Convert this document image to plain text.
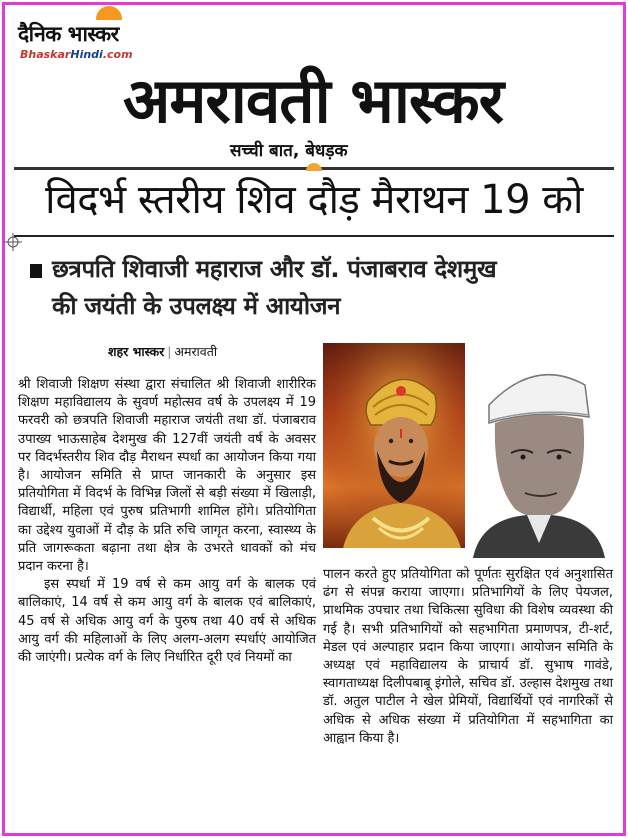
दैनिक भास्कर
BhaskarHindi.com
अमरावती भास्कर
सच्ची बात, बेधड़क
विदर्भ स्तरीय शिव दौड़ मैराथन 19 को
छत्रपति शिवाजी महाराज और डॉ. पंजाबराव देशमुख
की जयंती के उपलक्ष्य में आयोजन
शहर भास्कर | अमरावती

श्री शिवाजी शिक्षण संस्था द्वारा संचालित श्री शिवाजी शारीरिक शिक्षण महाविद्यालय के सुवर्ण महोत्सव वर्ष के उपलक्ष्य में 19 फरवरी को छत्रपति शिवाजी महाराज जयंती तथा डॉ. पंजाबराव उपाख्य भाऊसाहेब देशमुख की 127वीं जयंती वर्ष के अवसर पर विदर्भस्तरीय शिव दौड़ मैराथन स्पर्धा का आयोजन किया गया है। आयोजन समिति से प्राप्त जानकारी के अनुसार इस प्रतियोगिता में विदर्भ के विभिन्न जिलों से बड़ी संख्या में खिलाड़ी, विद्यार्थी, महिला एवं पुरुष प्रतिभागी शामिल होंगे। प्रतियोगिता का उद्देश्य युवाओं में दौड़ के प्रति रुचि जागृत करना, स्वास्थ्य के प्रति जागरूकता बढ़ाना तथा क्षेत्र के उभरते धावकों को मंच प्रदान करना है।

इस स्पर्धा में 19 वर्ष से कम आयु वर्ग के बालक एवं बालिकाएं, 14 वर्ष से कम आयु वर्ग के बालक एवं बालिकाएं, 45 वर्ष से अधिक आयु वर्ग के पुरुष तथा 40 वर्ष से अधिक आयु वर्ग की महिलाओं के लिए अलग-अलग स्पर्धाएं आयोजित की जाएंगी। प्रत्येक वर्ग के लिए निर्धारित दूरी एवं नियमों का

पालन करते हुए प्रतियोगिता को पूर्णतः सुरक्षित एवं अनुशासित ढंग से संपन्न कराया जाएगा। प्रतिभागियों के लिए पेयजल, प्राथमिक उपचार तथा चिकित्सा सुविधा की विशेष व्यवस्था की गई है। सभी प्रतिभागियों को सहभागिता प्रमाणपत्र, टी-शर्ट, मेडल एवं अल्पाहार प्रदान किया जाएगा। आयोजन समिति के अध्यक्ष एवं महाविद्यालय के प्राचार्य डॉ. सुभाष गावंडे, स्वागताध्यक्ष दिलीपबाबू इंगोले, सचिव डॉ. उल्हास देशमुख तथा डॉ. अतुल पाटील ने खेल प्रेमियों, विद्यार्थियों एवं नागरिकों से अधिक से अधिक संख्या में प्रतियोगिता में सहभागिता का आह्वान किया है।
